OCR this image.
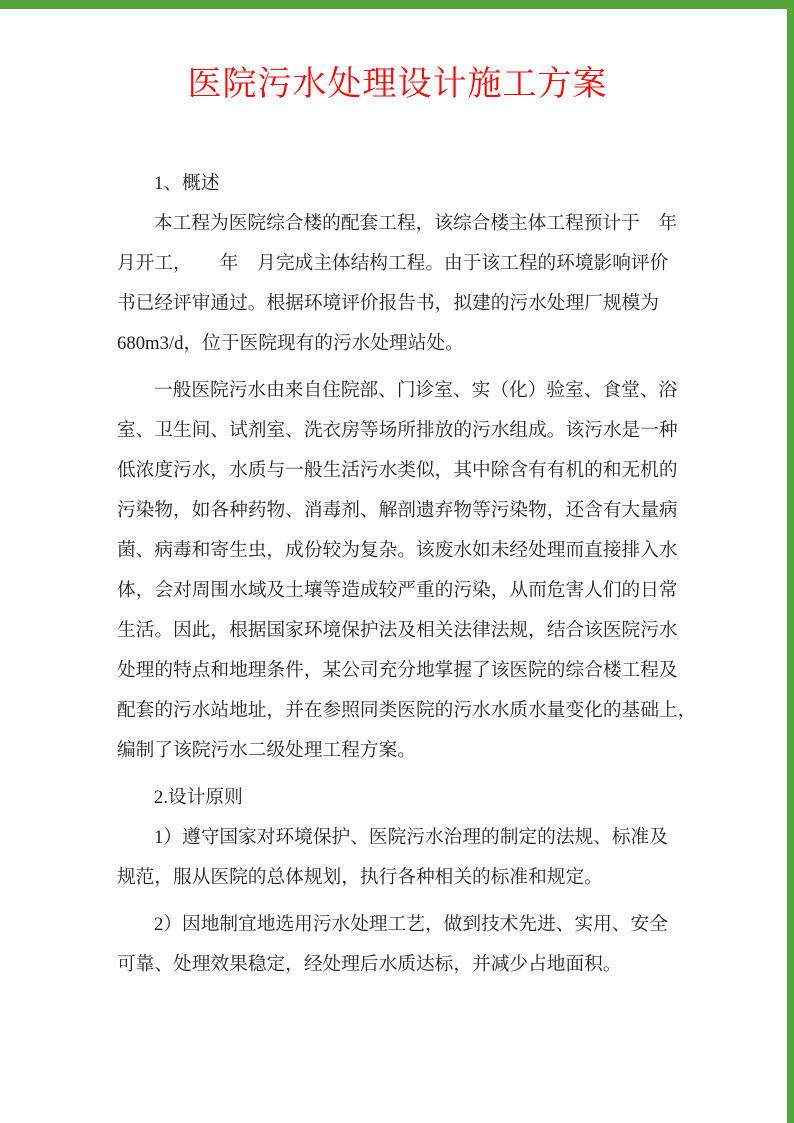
医院污水处理设计施工方案
1、概述
本工程为医院综合楼的配套工程，该综合楼主体工程预计于　年
月开工，　　年　月完成主体结构工程。由于该工程的环境影响评价
书已经评审通过。根据环境评价报告书，拟建的污水处理厂规模为
680m3/d，位于医院现有的污水处理站处。
一般医院污水由来自住院部、门诊室、实（化）验室、食堂、浴
室、卫生间、试剂室、洗衣房等场所排放的污水组成。该污水是一种
低浓度污水，水质与一般生活污水类似，其中除含有有机的和无机的
污染物，如各种药物、消毒剂、解剖遗弃物等污染物，还含有大量病
菌、病毒和寄生虫，成份较为复杂。该废水如未经处理而直接排入水
体，会对周围水域及土壤等造成较严重的污染，从而危害人们的日常
生活。因此，根据国家环境保护法及相关法律法规，结合该医院污水
处理的特点和地理条件，某公司充分地掌握了该医院的综合楼工程及
配套的污水站地址，并在参照同类医院的污水水质水量变化的基础上，
编制了该院污水二级处理工程方案。
2.设计原则
1）遵守国家对环境保护、医院污水治理的制定的法规、标准及
规范，服从医院的总体规划，执行各种相关的标准和规定。
2）因地制宜地选用污水处理工艺，做到技术先进、实用、安全
可靠、处理效果稳定，经处理后水质达标，并减少占地面积。
